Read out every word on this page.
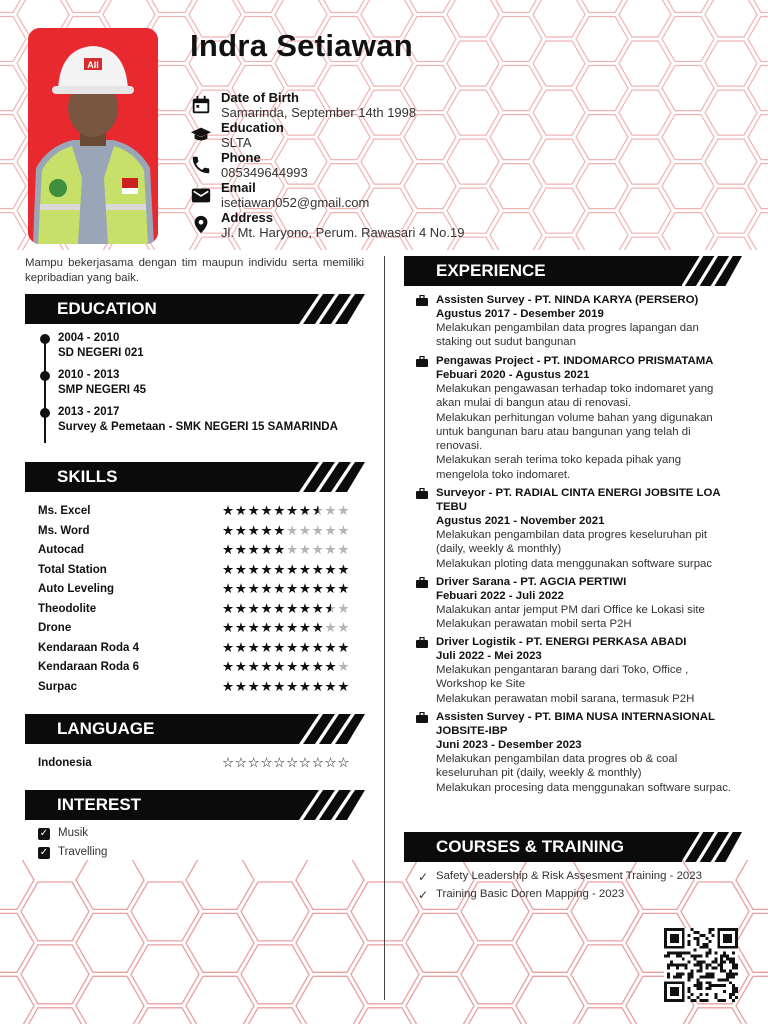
AII
Indra Setiawan
Date of Birth
Samarinda, September 14th 1998
Education
SLTA
Phone
085349644993
Email
isetiawan052@gmail.com
Address
Jl. Mt. Haryono, Perum. Rawasari 4 No.19
Mampu bekerjasama dengan tim maupun individu serta memiliki kepribadian yang baik.
EDUCATION
2004 - 2010
SD NEGERI 021
2010 - 2013
SMP NEGERI 45
2013 - 2017
Survey & Pemetaan - SMK NEGERI 15 SAMARINDA
SKILLS
Ms. Excel	★★★★★★★★★★
Ms. Word	★★★★★★★★★★
Autocad	★★★★★★★★★★
Total Station	★★★★★★★★★★
Auto Leveling	★★★★★★★★★★
Theodolite	★★★★★★★★★★
Drone	★★★★★★★★★★
Kendaraan Roda 4	★★★★★★★★★★
Kendaraan Roda 6	★★★★★★★★★★
Surpac	★★★★★★★★★★
LANGUAGE
Indonesia	☆☆☆☆☆☆☆☆☆☆
INTEREST
✓ Musik
✓ Travelling
EXPERIENCE
Assisten Survey - PT. NINDA KARYA (PERSERO)
Agustus 2017 - Desember 2019
Melakukan pengambilan data progres lapangan dan staking out sudut bangunan
Pengawas Project - PT. INDOMARCO PRISMATAMA
Febuari 2020 - Agustus 2021
Melakukan pengawasan terhadap toko indomaret yang akan mulai di bangun atau di renovasi.
Melakukan perhitungan volume bahan yang digunakan untuk bangunan baru atau bangunan yang telah di renovasi.
Melakukan serah terima toko kepada pihak yang mengelola toko indomaret.
Surveyor - PT. RADIAL CINTA ENERGI JOBSITE LOA TEBU
Agustus 2021 - November 2021
Melakukan pengambilan data progres keseluruhan pit (daily, weekly & monthly)
Melakukan ploting data menggunakan software surpac
Driver Sarana - PT. AGCIA PERTIWI
Febuari 2022 - Juli 2022
Malakukan antar jemput PM dari Office ke Lokasi site
Melakukan perawatan mobil serta P2H
Driver Logistik - PT. ENERGI PERKASA ABADI
Juli 2022 - Mei 2023
Melakukan pengantaran barang dari Toko, Office , Workshop ke Site
Melakukan perawatan mobil sarana, termasuk P2H
Assisten Survey - PT. BIMA NUSA INTERNASIONAL JOBSITE-IBP
Juni 2023 - Desember 2023
Melakukan pengambilan data progres ob & coal keseluruhan pit (daily, weekly & monthly)
Melakukan procesing data menggunakan software surpac.
COURSES & TRAINING
✓ Safety Leadership & Risk Assesment Training - 2023
✓ Training Basic Doren Mapping - 2023
